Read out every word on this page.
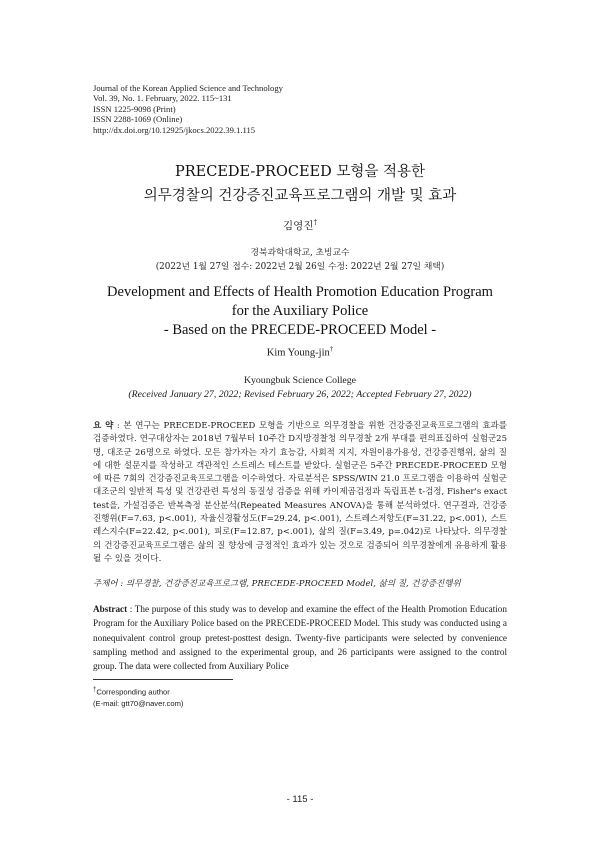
Journal of the Korean Applied Science and Technology
Vol. 39, No. 1. February, 2022. 115~131
ISSN 1225-9098 (Print)
ISSN 2288-1069 (Online)
http://dx.doi.org/10.12925/jkocs.2022.39.1.115
PRECEDE-PROCEED 모형을 적용한
의무경찰의 건강증진교육프로그램의 개발 및 효과
김영진†
경북과학대학교, 초빙교수
(2022년 1월 27일 접수: 2022년 2월 26일 수정: 2022년 2월 27일 채택)
Development and Effects of Health Promotion Education Program
for the Auxiliary Police
- Based on the PRECEDE-PROCEED Model -
Kim Young-jin†
Kyoungbuk Science College
(Received January 27, 2022; Revised February 26, 2022; Accepted February 27, 2022)
요 약 : 본 연구는 PRECEDE-PROCEED 모형을 기반으로 의무경찰을 위한 건강증진교육프로그램의 효과를 검증하였다. 연구대상자는 2018년 7월부터 10주간 D지방경찰청 의무경찰 2개 부대를 편의표집하여 실험군25명, 대조군 26명으로 하였다. 모든 참가자는 자기 효능감, 사회적 지지, 자원이용가용성, 건강증진행위, 삶의 질에 대한 설문지를 작성하고 객관적인 스트레스 테스트를 받았다. 실험군은 5주간 PRECEDE-PROCEED 모형에 따른 7회의 건강증진교육프로그램을 이수하였다. 자료분석은 SPSS/WIN 21.0 프로그램을 이용하여 실험군 대조군의 일반적 특성 및 건강관련 특성의 동질성 검증을 위해 카이제곱검정과 독립표본 t-검정, Fisher's exact test을, 가설검증은 반복측정 분산분석(Repeated Measures ANOVA)을 통해 분석하였다. 연구결과, 건강증진행위(F=7.63, p<.001), 자율신경활성도(F=29.24, p<.001), 스트레스저항도(F=31.22, p<.001), 스트레스지수(F=22.42, p<.001), 피로(F=12.87, p<.001), 삶의 질(F=3.49, p=.042)로 나타났다. 의무경찰의 건강증진교육프로그램은 삶의 질 향상에 긍정적인 효과가 있는 것으로 검증되어 의무경찰에게 유용하게 활용될 수 있을 것이다.
주제어 : 의무경찰, 건강증진교육프로그램, PRECEDE-PROCEED Model, 삶의 질, 건강증진행위
Abstract : The purpose of this study was to develop and examine the effect of the Health Promotion Education Program for the Auxiliary Police based on the PRECEDE-PROCEED Model. This study was conducted using a nonequivalent control group pretest-posttest design. Twenty-five participants were selected by convenience sampling method and assigned to the experimental group, and 26 participants were assigned to the control group. The data were collected from Auxiliary Police
†Corresponding author
(E-mail: gtt70@naver.com)
- 115 -
